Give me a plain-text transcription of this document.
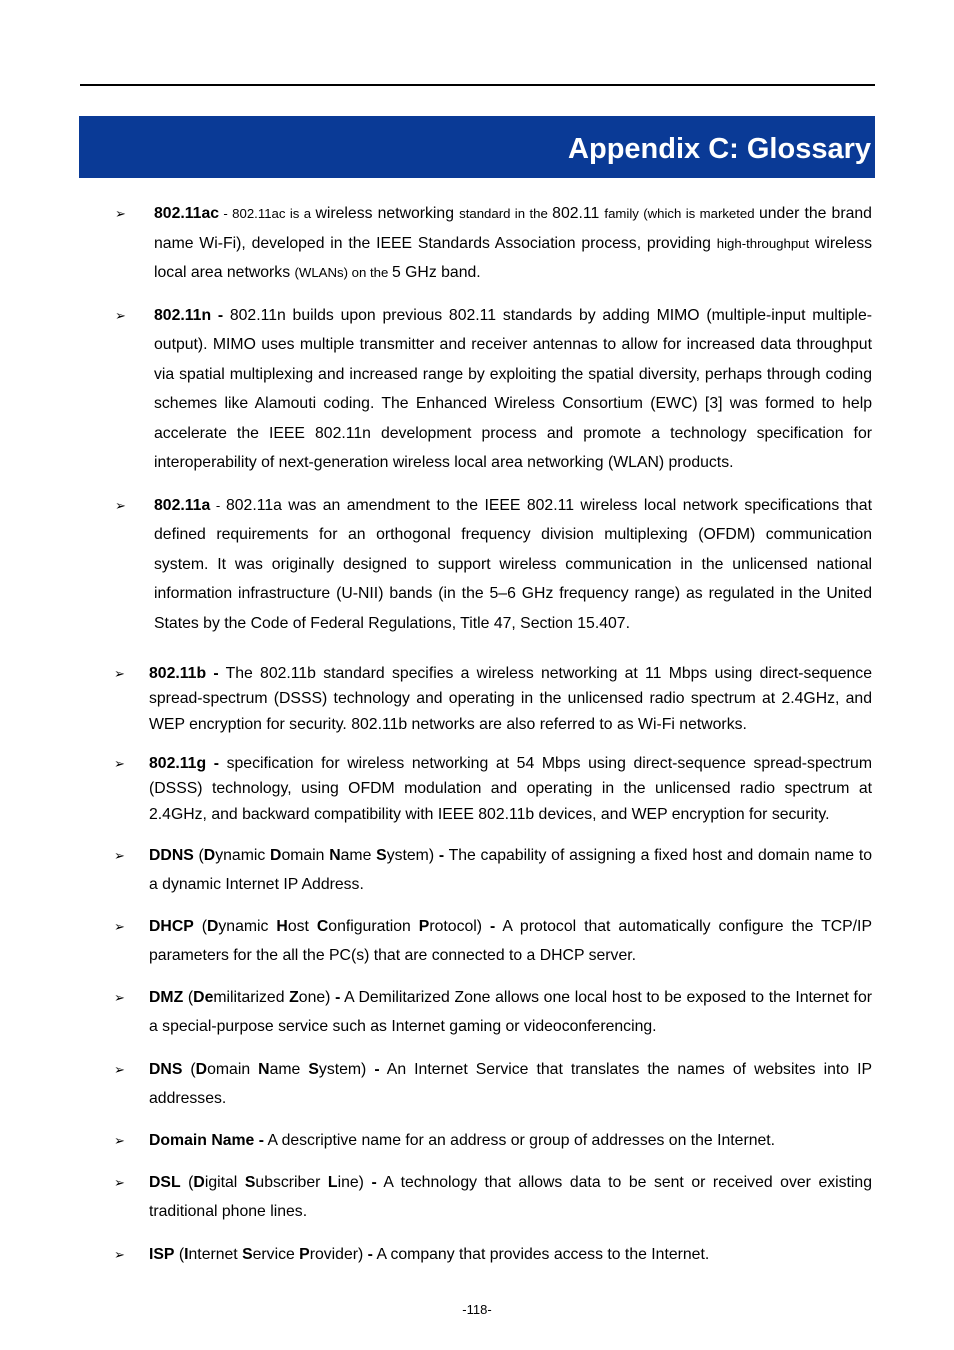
Appendix C: Glossary
➢ 802.11ac - 802.11ac is a wireless networking standard in the 802.11 family (which is marketed under the brand name Wi-Fi), developed in the IEEE Standards Association process, providing high-throughput wireless local area networks (WLANs) on the 5 GHz band.
➢ 802.11n - 802.11n builds upon previous 802.11 standards by adding MIMO (multiple-input multiple-output). MIMO uses multiple transmitter and receiver antennas to allow for increased data throughput via spatial multiplexing and increased range by exploiting the spatial diversity, perhaps through coding schemes like Alamouti coding. The Enhanced Wireless Consortium (EWC) [3] was formed to help accelerate the IEEE 802.11n development process and promote a technology specification for interoperability of next-generation wireless local area networking (WLAN) products.
➢ 802.11a - 802.11a was an amendment to the IEEE 802.11 wireless local network specifications that defined requirements for an orthogonal frequency division multiplexing (OFDM) communication system. It was originally designed to support wireless communication in the unlicensed national information infrastructure (U-NII) bands (in the 5–6 GHz frequency range) as regulated in the United States by the Code of Federal Regulations, Title 47, Section 15.407.
➢ 802.11b - The 802.11b standard specifies a wireless networking at 11 Mbps using direct-sequence spread-spectrum (DSSS) technology and operating in the unlicensed radio spectrum at 2.4GHz, and WEP encryption for security. 802.11b networks are also referred to as Wi-Fi networks.
➢ 802.11g - specification for wireless networking at 54 Mbps using direct-sequence spread-spectrum (DSSS) technology, using OFDM modulation and operating in the unlicensed radio spectrum at 2.4GHz, and backward compatibility with IEEE 802.11b devices, and WEP encryption for security.
➢ DDNS (Dynamic Domain Name System) - The capability of assigning a fixed host and domain name to a dynamic Internet IP Address.
➢ DHCP (Dynamic Host Configuration Protocol) - A protocol that automatically configure the TCP/IP parameters for the all the PC(s) that are connected to a DHCP server.
➢ DMZ (Demilitarized Zone) - A Demilitarized Zone allows one local host to be exposed to the Internet for a special-purpose service such as Internet gaming or videoconferencing.
➢ DNS (Domain Name System) - An Internet Service that translates the names of websites into IP addresses.
➢ Domain Name - A descriptive name for an address or group of addresses on the Internet.
➢ DSL (Digital Subscriber Line) - A technology that allows data to be sent or received over existing traditional phone lines.
➢ ISP (Internet Service Provider) - A company that provides access to the Internet.
-118-
